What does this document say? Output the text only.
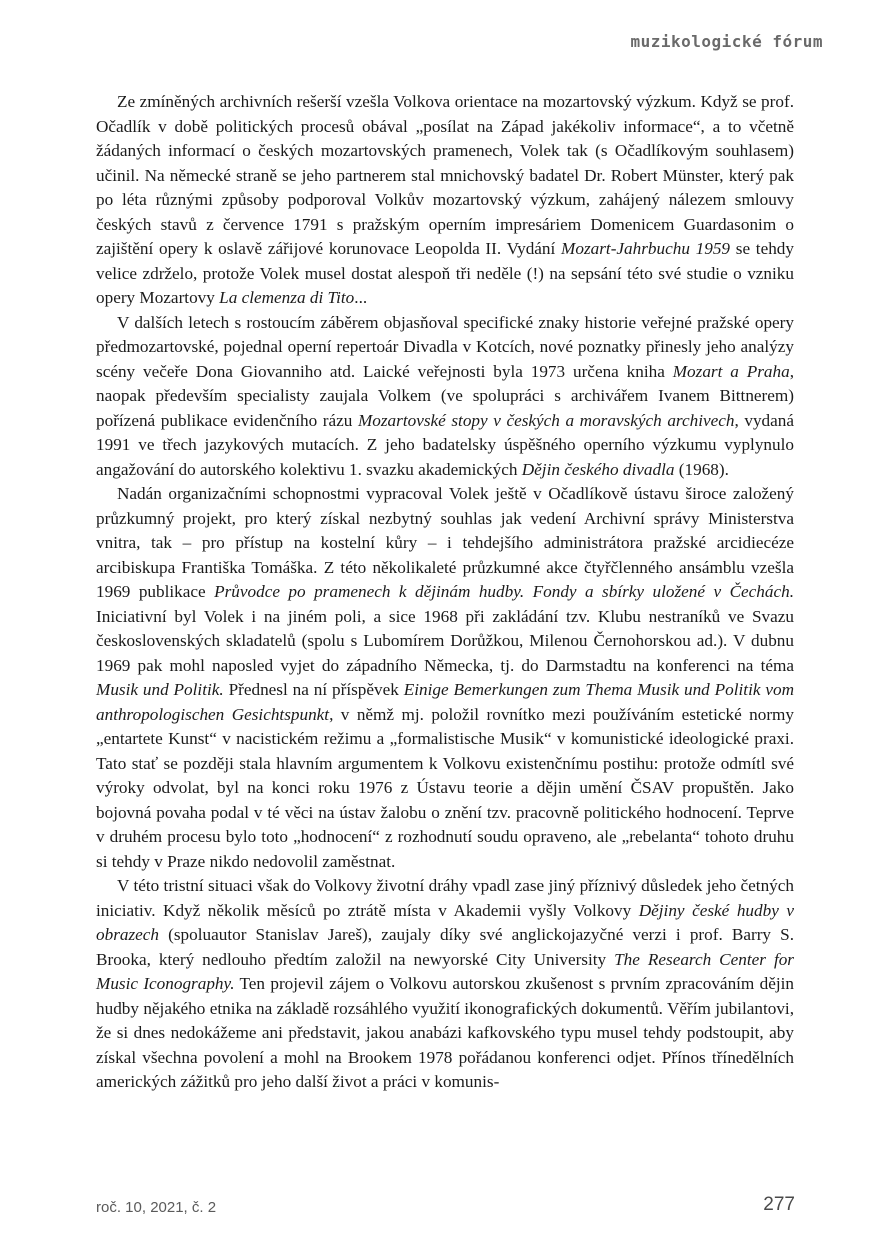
muzikologické fórum

Ze zmíněných archivních rešerší vzešla Volkova orientace na mozartovský výzkum. Když se prof. Očadlík v době politických procesů obával „posílat na Západ jakékoliv informace“, a to včetně žádaných informací o českých mozartovských pramenech, Volek tak (s Očadlíkovým souhlasem) učinil. Na německé straně se jeho partnerem stal mnichovský badatel Dr. Robert Münster, který pak po léta různými způsoby podporoval Volkův mozartovský výzkum, zahájený nálezem smlouvy českých stavů z července 1791 s pražským operním impresáriem Domenicem Guardasonim o zajištění opery k oslavě zářijové korunovace Leopolda II. Vydání Mozart-Jahrbuchu 1959 se tehdy velice zdrželo, protože Volek musel dostat alespoň tři neděle (!) na sepsání této své studie o vzniku opery Mozartovy La clemenza di Tito...

V dalších letech s rostoucím záběrem objasňoval specifické znaky historie veřejné pražské opery předmozartovské, pojednal operní repertoár Divadla v Kotcích, nové poznatky přinesly jeho analýzy scény večeře Dona Giovanniho atd. Laické veřejnosti byla 1973 určena kniha Mozart a Praha, naopak především specialisty zaujala Volkem (ve spolupráci s archivářem Ivanem Bittnerem) pořízená publikace evidenčního rázu Mozartovské stopy v českých a moravských archivech, vydaná 1991 ve třech jazykových mutacích. Z jeho badatelsky úspěšného operního výzkumu vyplynulo angažování do autorského kolektivu 1. svazku akademických Dějin českého divadla (1968).

Nadán organizačními schopnostmi vypracoval Volek ještě v Očadlíkově ústavu široce založený průzkumný projekt, pro který získal nezbytný souhlas jak vedení Archivní správy Ministerstva vnitra, tak – pro přístup na kostelní kůry – i tehdejšího administrátora pražské arcidiecéze arcibiskupa Františka Tomáška. Z této několikaleté průzkumné akce čtyřčlenného ansámblu vzešla 1969 publikace Průvodce po pramenech k dějinám hudby. Fondy a sbírky uložené v Čechách. Iniciativní byl Volek i na jiném poli, a sice 1968 při zakládání tzv. Klubu nestraníků ve Svazu československých skladatelů (spolu s Lubomírem Dorůžkou, Milenou Černohorskou ad.). V dubnu 1969 pak mohl naposled vyjet do západního Německa, tj. do Darmstadtu na konferenci na téma Musik und Politik. Přednesl na ní příspěvek Einige Bemerkungen zum Thema Musik und Politik vom anthropologischen Gesichtspunkt, v němž mj. položil rovnítko mezi používáním estetické normy „entartete Kunst“ v nacistickém režimu a „formalistische Musik“ v komunistické ideologické praxi. Tato stať se později stala hlavním argumentem k Volkovu existenčnímu postihu: protože odmítl své výroky odvolat, byl na konci roku 1976 z Ústavu teorie a dějin umění ČSAV propuštěn. Jako bojovná povaha podal v té věci na ústav žalobu o znění tzv. pracovně politického hodnocení. Teprve v druhém procesu bylo toto „hodnocení“ z rozhodnutí soudu opraveno, ale „rebelanta“ tohoto druhu si tehdy v Praze nikdo nedovolil zaměstnat.

V této tristní situaci však do Volkovy životní dráhy vpadl zase jiný příznivý důsledek jeho četných iniciativ. Když několik měsíců po ztrátě místa v Akademii vyšly Volkovy Dějiny české hudby v obrazech (spoluautor Stanislav Jareš), zaujaly díky své anglickojazyčné verzi i prof. Barry S. Brooka, který nedlouho předtím založil na newyorské City University The Research Center for Music Iconography. Ten projevil zájem o Volkovu autorskou zkušenost s prvním zpracováním dějin hudby nějakého etnika na základě rozsáhlého využití ikonografických dokumentů. Věřím jubilantovi, že si dnes nedokážeme ani představit, jakou anabázi kafkovského typu musel tehdy podstoupit, aby získal všechna povolení a mohl na Brookem 1978 pořádanou konferenci odjet. Přínos třínedělních amerických zážitků pro jeho další život a práci v komunis-

roč. 10, 2021, č. 2	277
